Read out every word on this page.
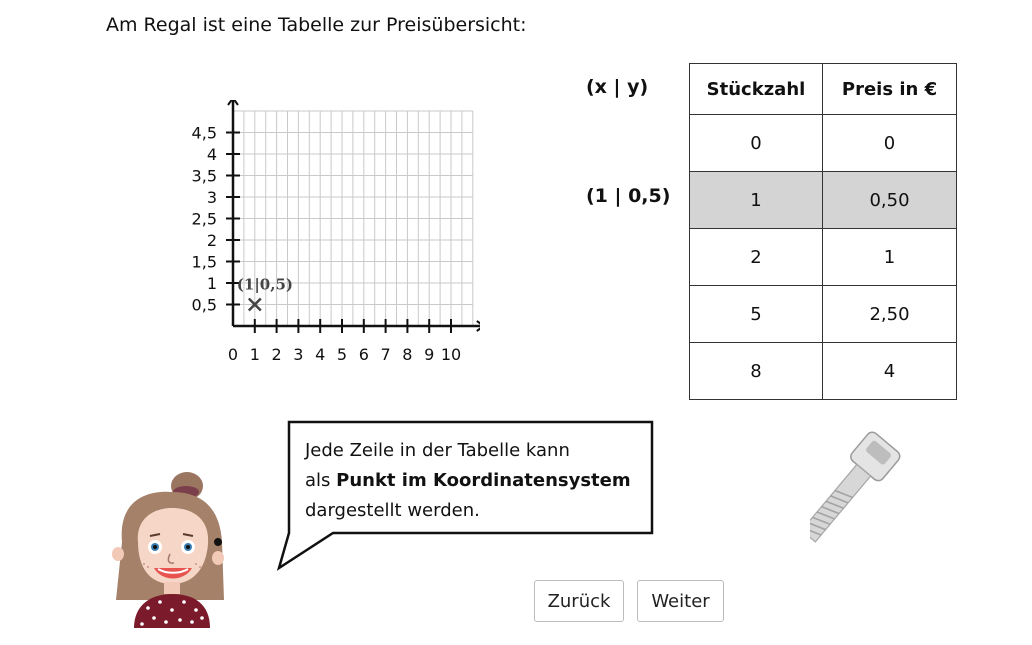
Am Regal ist eine Tabelle zur Preisübersicht:
0 1 2 3 4 5 6 7 8 9 10
0,5
1
1,5
2
2,5
3
3,5
4
4,5
(1|0,5)
(x | y)
(1 | 0,5)
Stückzahl	Preis in €
0	0
1	0,50
2	1
5	2,50
8	4
Jede Zeile in der Tabelle kann
als Punkt im Koordinatensystem
dargestellt werden.
Zurück	Weiter
